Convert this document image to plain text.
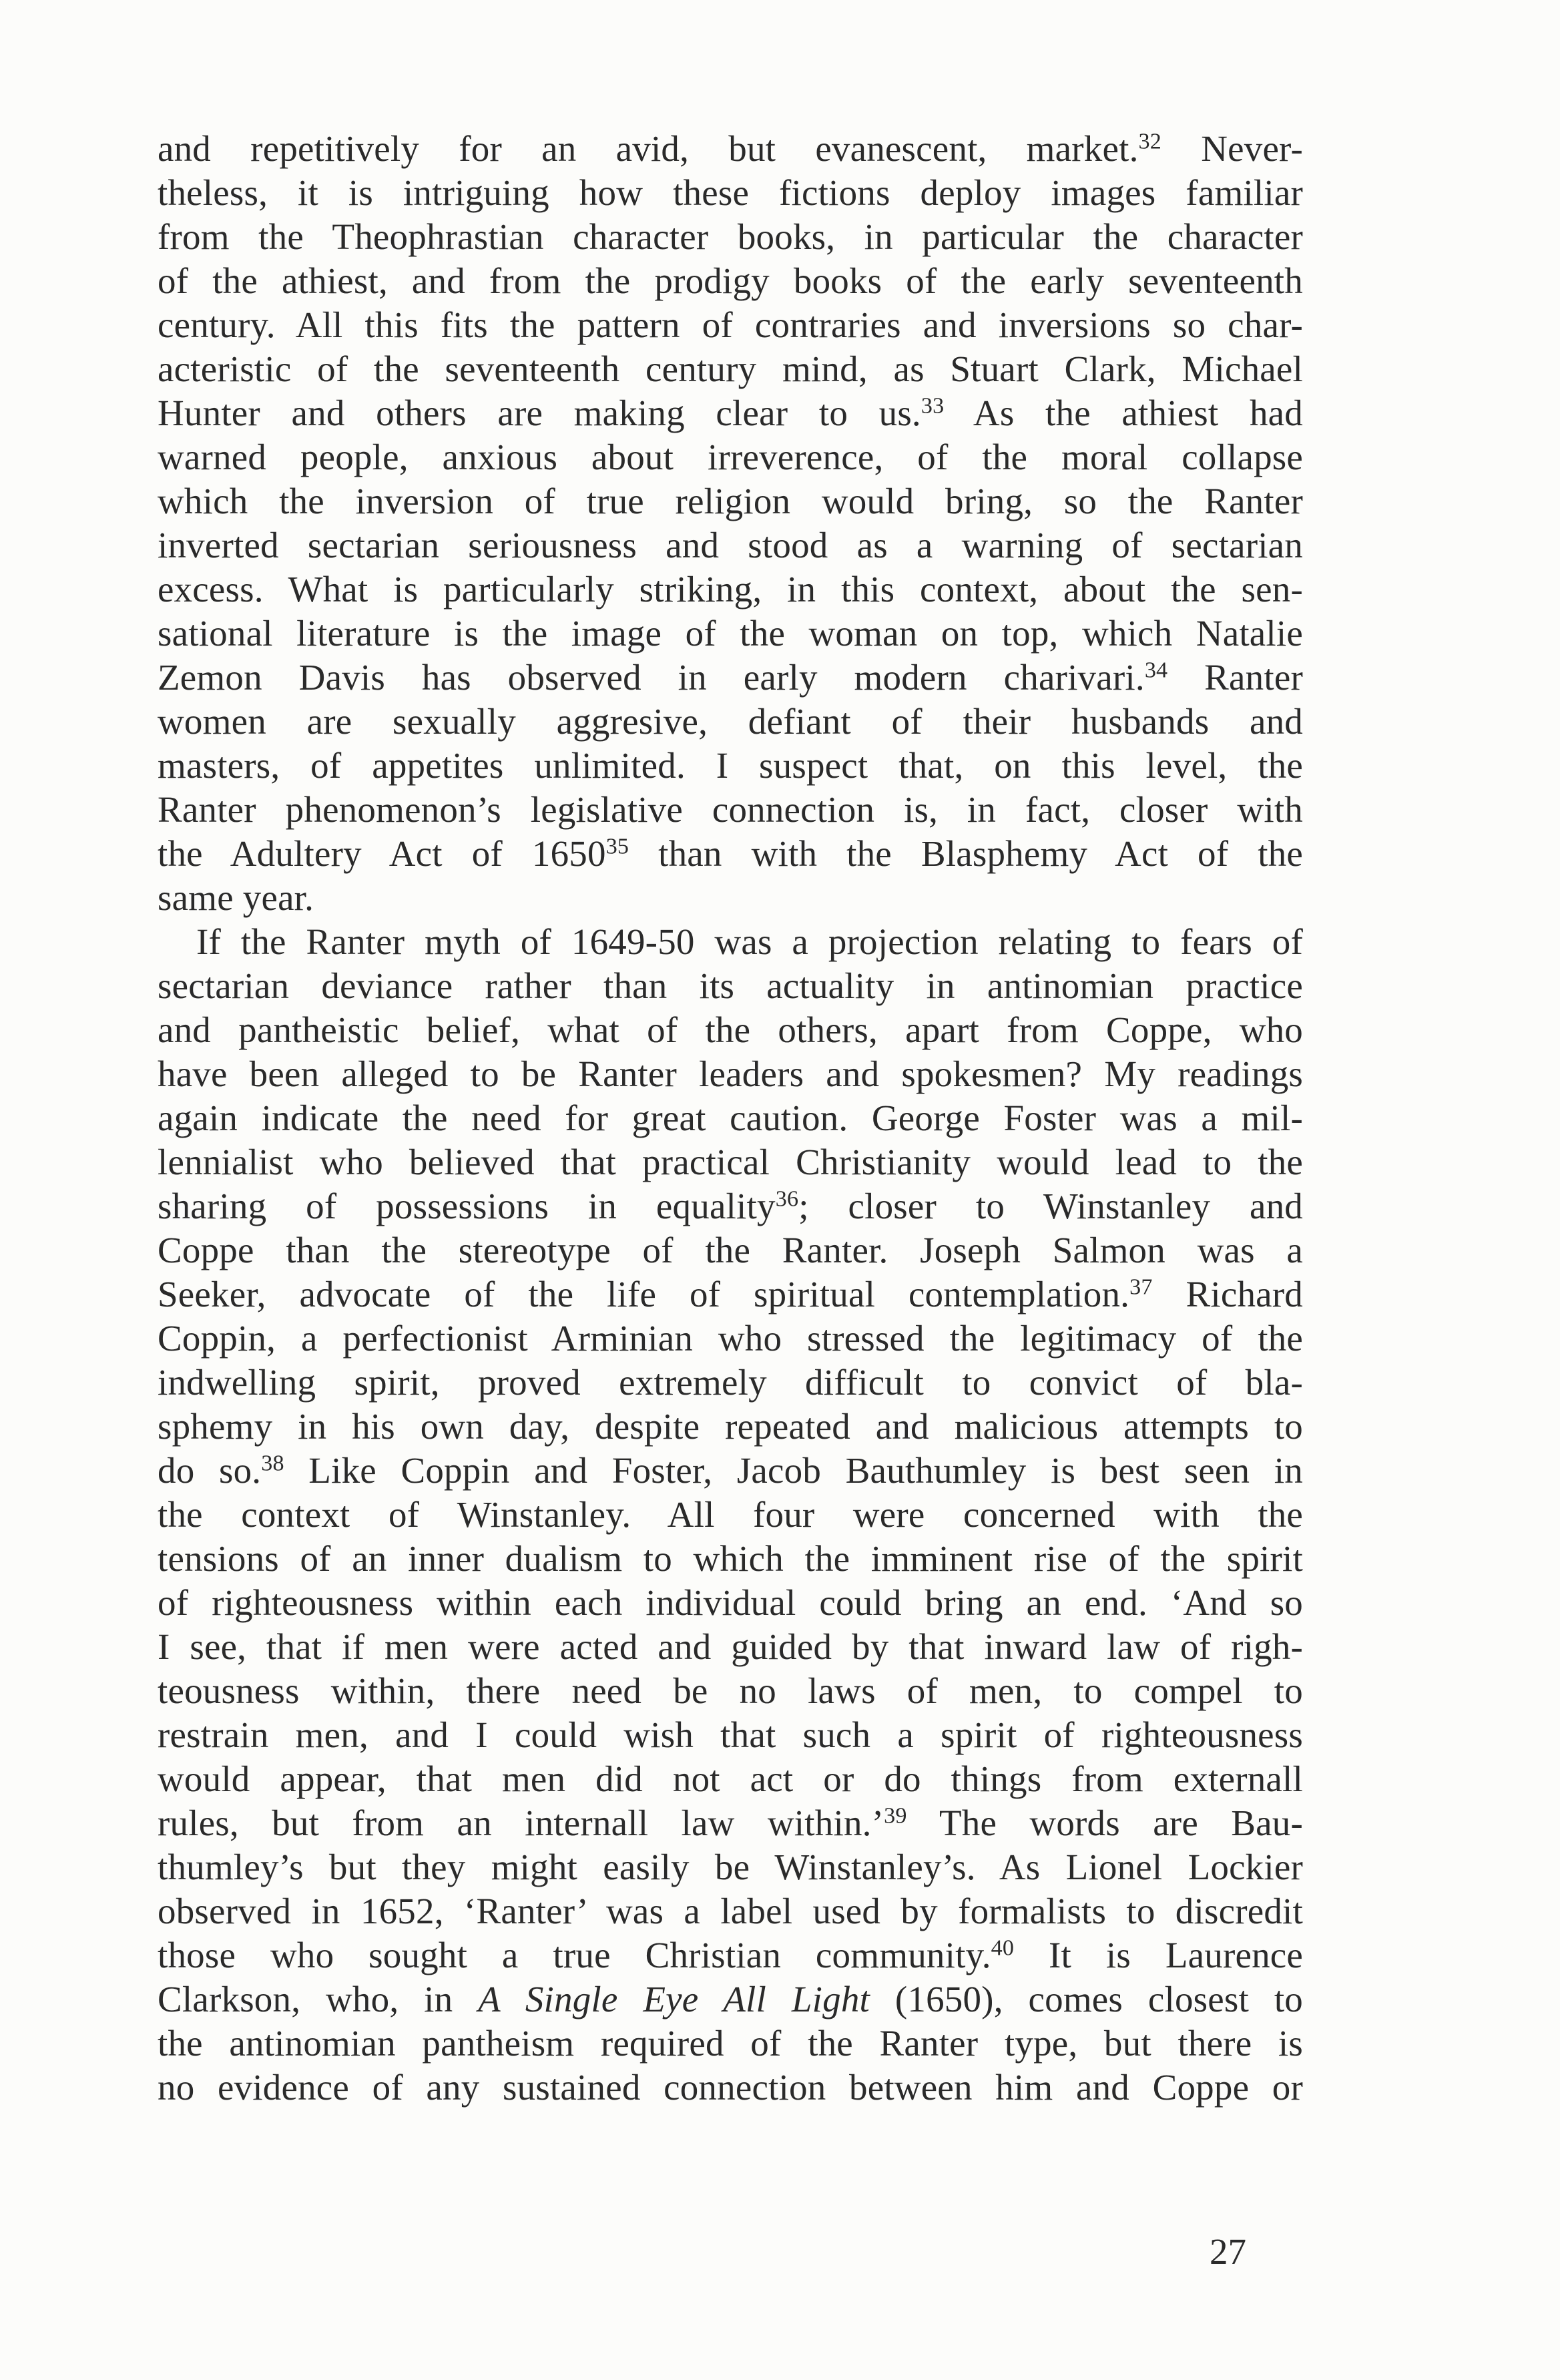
and repetitively for an avid, but evanescent, market.$^{32}$ Never-
theless, it is intriguing how these fictions deploy images familiar
from the Theophrastian character books, in particular the character
of the athiest, and from the prodigy books of the early seventeenth
century. All this fits the pattern of contraries and inversions so char-
acteristic of the seventeenth century mind, as Stuart Clark, Michael
Hunter and others are making clear to us.$^{33}$ As the athiest had
warned people, anxious about irreverence, of the moral collapse
which the inversion of true religion would bring, so the Ranter
inverted sectarian seriousness and stood as a warning of sectarian
excess. What is particularly striking, in this context, about the sen-
sational literature is the image of the woman on top, which Natalie
Zemon Davis has observed in early modern charivari.$^{34}$ Ranter
women are sexually aggresive, defiant of their husbands and
masters, of appetites unlimited. I suspect that, on this level, the
Ranter phenomenon’s legislative connection is, in fact, closer with
the Adultery Act of 1650$^{35}$ than with the Blasphemy Act of the
same year.
If the Ranter myth of 1649-50 was a projection relating to fears of
sectarian deviance rather than its actuality in antinomian practice
and pantheistic belief, what of the others, apart from Coppe, who
have been alleged to be Ranter leaders and spokesmen? My readings
again indicate the need for great caution. George Foster was a mil-
lennialist who believed that practical Christianity would lead to the
sharing of possessions in equality$^{36}$; closer to Winstanley and
Coppe than the stereotype of the Ranter. Joseph Salmon was a
Seeker, advocate of the life of spiritual contemplation.$^{37}$ Richard
Coppin, a perfectionist Arminian who stressed the legitimacy of the
indwelling spirit, proved extremely difficult to convict of bla-
sphemy in his own day, despite repeated and malicious attempts to
do so.$^{38}$ Like Coppin and Foster, Jacob Bauthumley is best seen in
the context of Winstanley. All four were concerned with the
tensions of an inner dualism to which the imminent rise of the spirit
of righteousness within each individual could bring an end. ‘And so
I see, that if men were acted and guided by that inward law of righ-
teousness within, there need be no laws of men, to compel to
restrain men, and I could wish that such a spirit of righteousness
would appear, that men did not act or do things from externall
rules, but from an internall law within.’$^{39}$ The words are Bau-
thumley’s but they might easily be Winstanley’s. As Lionel Lockier
observed in 1652, ‘Ranter’ was a label used by formalists to discredit
those who sought a true Christian community.$^{40}$ It is Laurence
Clarkson, who, in A Single Eye All Light (1650), comes closest to
the antinomian pantheism required of the Ranter type, but there is
no evidence of any sustained connection between him and Coppe or
27
